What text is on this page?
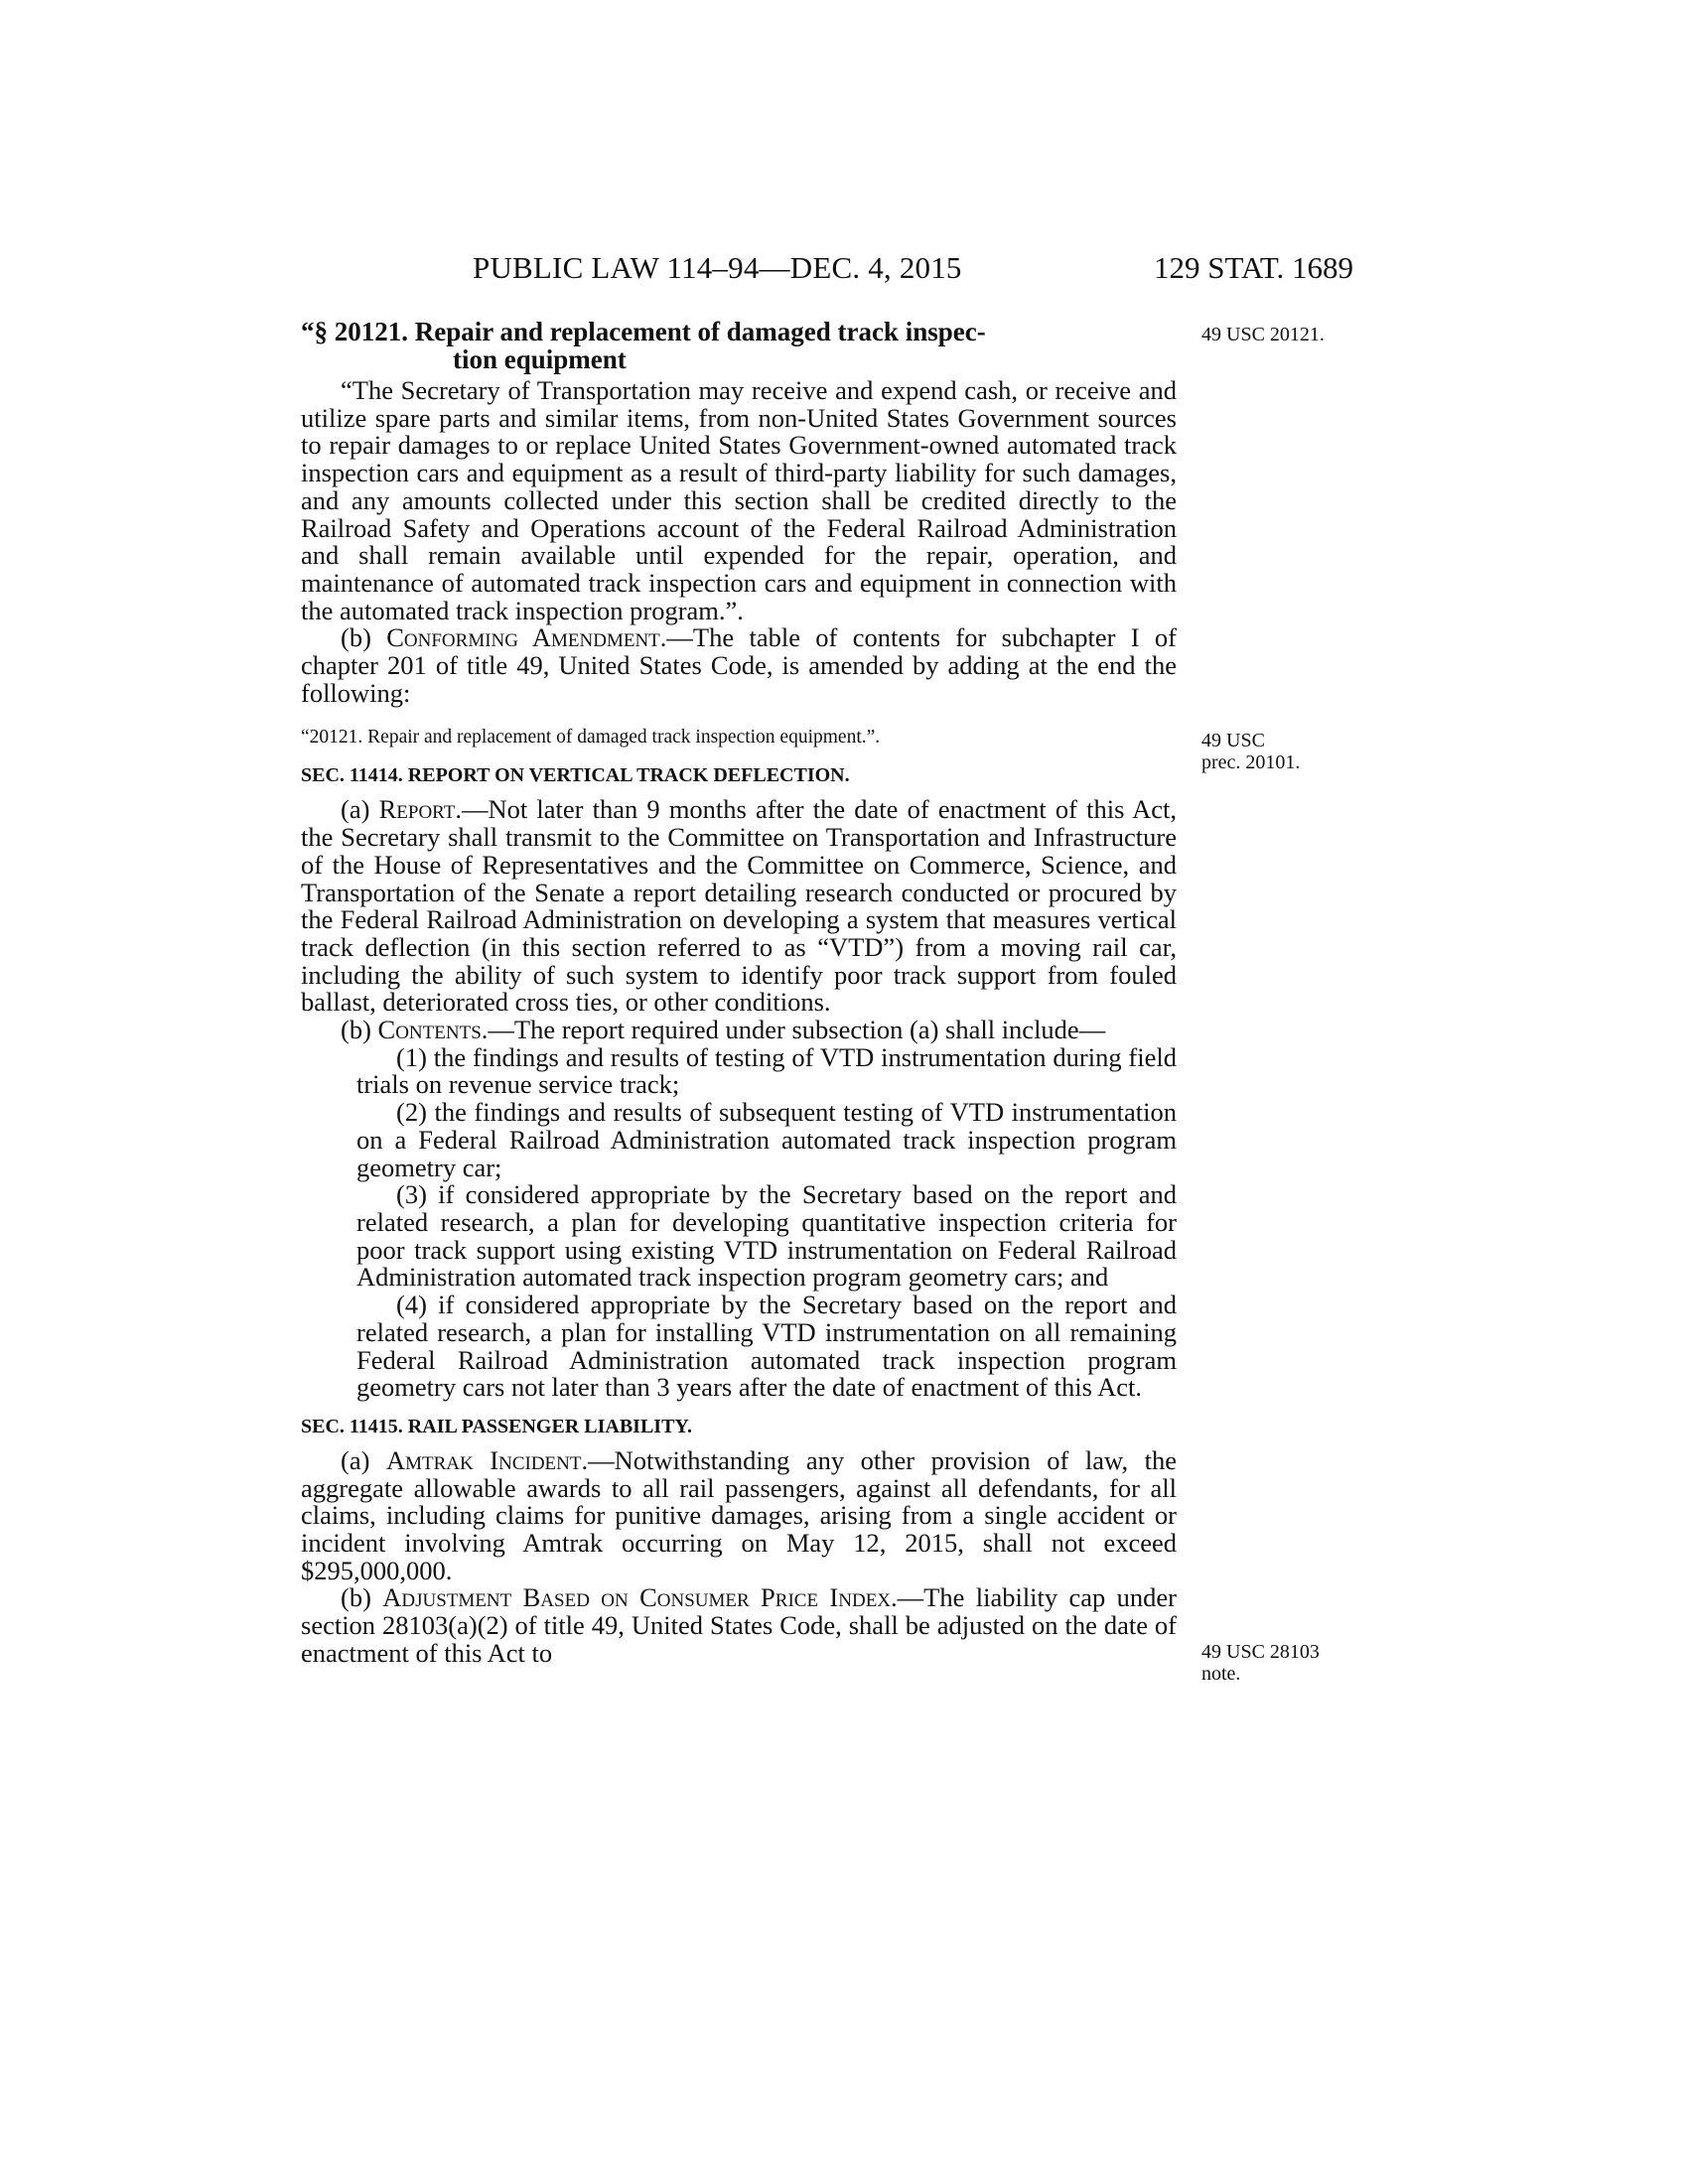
PUBLIC LAW 114–94—DEC. 4, 2015	129 STAT. 1689
49 USC 20121.
49 USC
prec. 20101.
49 USC 28103
note.
“§ 20121. Repair and replacement of damaged track inspec-
tion equipment

“The Secretary of Transportation may receive and expend cash, or receive and utilize spare parts and similar items, from non-United States Government sources to repair damages to or replace United States Government-owned automated track inspection cars and equipment as a result of third-party liability for such damages, and any amounts collected under this section shall be credited directly to the Railroad Safety and Operations account of the Federal Railroad Administration and shall remain available until expended for the repair, operation, and maintenance of automated track inspection cars and equipment in connection with the automated track inspection program.”.

(b) Conforming Amendment.—The table of contents for subchapter I of chapter 201 of title 49, United States Code, is amended by adding at the end the following:

“20121. Repair and replacement of damaged track inspection equipment.”.

SEC. 11414. REPORT ON VERTICAL TRACK DEFLECTION.

(a) Report.—Not later than 9 months after the date of enactment of this Act, the Secretary shall transmit to the Committee on Transportation and Infrastructure of the House of Representatives and the Committee on Commerce, Science, and Transportation of the Senate a report detailing research conducted or procured by the Federal Railroad Administration on developing a system that measures vertical track deflection (in this section referred to as “VTD”) from a moving rail car, including the ability of such system to identify poor track support from fouled ballast, deteriorated cross ties, or other conditions.

(b) Contents.—The report required under subsection (a) shall include—

(1) the findings and results of testing of VTD instrumentation during field trials on revenue service track;

(2) the findings and results of subsequent testing of VTD instrumentation on a Federal Railroad Administration automated track inspection program geometry car;

(3) if considered appropriate by the Secretary based on the report and related research, a plan for developing quantitative inspection criteria for poor track support using existing VTD instrumentation on Federal Railroad Administration automated track inspection program geometry cars; and

(4) if considered appropriate by the Secretary based on the report and related research, a plan for installing VTD instrumentation on all remaining Federal Railroad Administration automated track inspection program geometry cars not later than 3 years after the date of enactment of this Act.

SEC. 11415. RAIL PASSENGER LIABILITY.

(a) Amtrak Incident.—Notwithstanding any other provision of law, the aggregate allowable awards to all rail passengers, against all defendants, for all claims, including claims for punitive damages, arising from a single accident or incident involving Amtrak occurring on May 12, 2015, shall not exceed $295,000,000.

(b) Adjustment Based on Consumer Price Index.—The liability cap under section 28103(a)(2) of title 49, United States Code, shall be adjusted on the date of enactment of this Act to
